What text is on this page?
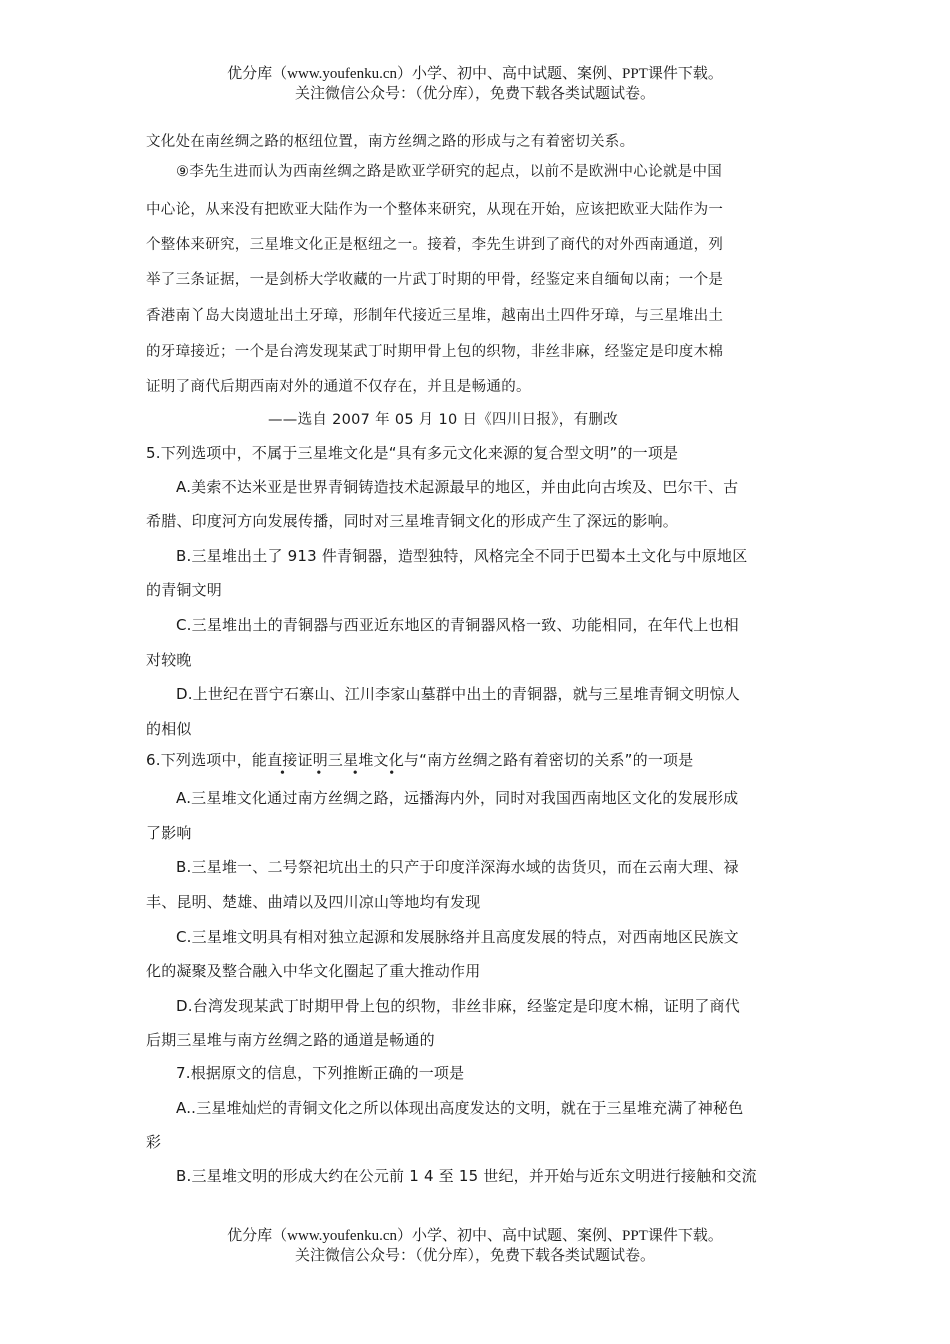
优分库（www.youfenku.cn）小学、初中、高中试题、案例、PPT课件下载。
关注微信公众号：（优分库），免费下载各类试题试卷。
文化处在南丝绸之路的枢纽位置，南方丝绸之路的形成与之有着密切关系。
⑨李先生进而认为西南丝绸之路是欧亚学研究的起点，以前不是欧洲中心论就是中国
中心论，从来没有把欧亚大陆作为一个整体来研究，从现在开始，应该把欧亚大陆作为一
个整体来研究，三星堆文化正是枢纽之一。接着，李先生讲到了商代的对外西南通道，列
举了三条证据，一是剑桥大学收藏的一片武丁时期的甲骨，经鉴定来自缅甸以南；一个是
香港南丫岛大岗遗址出土牙璋，形制年代接近三星堆，越南出土四件牙璋，与三星堆出土
的牙璋接近；一个是台湾发现某武丁时期甲骨上包的织物，非丝非麻，经鉴定是印度木棉
证明了商代后期西南对外的通道不仅存在，并且是畅通的。
——选自 2007 年 05 月 10 日《四川日报》，有删改
5.下列选项中，不属于三星堆文化是“具有多元文化来源的复合型文明”的一项是
A.美索不达米亚是世界青铜铸造技术起源最早的地区，并由此向古埃及、巴尔干、古
希腊、印度河方向发展传播，同时对三星堆青铜文化的形成产生了深远的影响。
B.三星堆出土了 913 件青铜器，造型独特，风格完全不同于巴蜀本土文化与中原地区
的青铜文明
C.三星堆出土的青铜器与西亚近东地区的青铜器风格一致、功能相同，在年代上也相
对较晚
D.上世纪在晋宁石寨山、江川李家山墓群中出土的青铜器，就与三星堆青铜文明惊人
的相似
6.下列选项中，能直接证明三星堆文化与“南方丝绸之路有着密切的关系”的一项是
• • • •
A.三星堆文化通过南方丝绸之路，远播海内外，同时对我国西南地区文化的发展形成
了影响
B.三星堆一、二号祭祀坑出土的只产于印度洋深海水域的齿货贝，而在云南大理、禄
丰、昆明、楚雄、曲靖以及四川凉山等地均有发现
C.三星堆文明具有相对独立起源和发展脉络并且高度发展的特点，对西南地区民族文
化的凝聚及整合融入中华文化圈起了重大推动作用
D.台湾发现某武丁时期甲骨上包的织物，非丝非麻，经鉴定是印度木棉，证明了商代
后期三星堆与南方丝绸之路的通道是畅通的
7.根据原文的信息，下列推断正确的一项是
A..三星堆灿烂的青铜文化之所以体现出高度发达的文明，就在于三星堆充满了神秘色
彩
B.三星堆文明的形成大约在公元前 1 4 至 15 世纪，并开始与近东文明进行接触和交流
优分库（www.youfenku.cn）小学、初中、高中试题、案例、PPT课件下载。
关注微信公众号：（优分库），免费下载各类试题试卷。
